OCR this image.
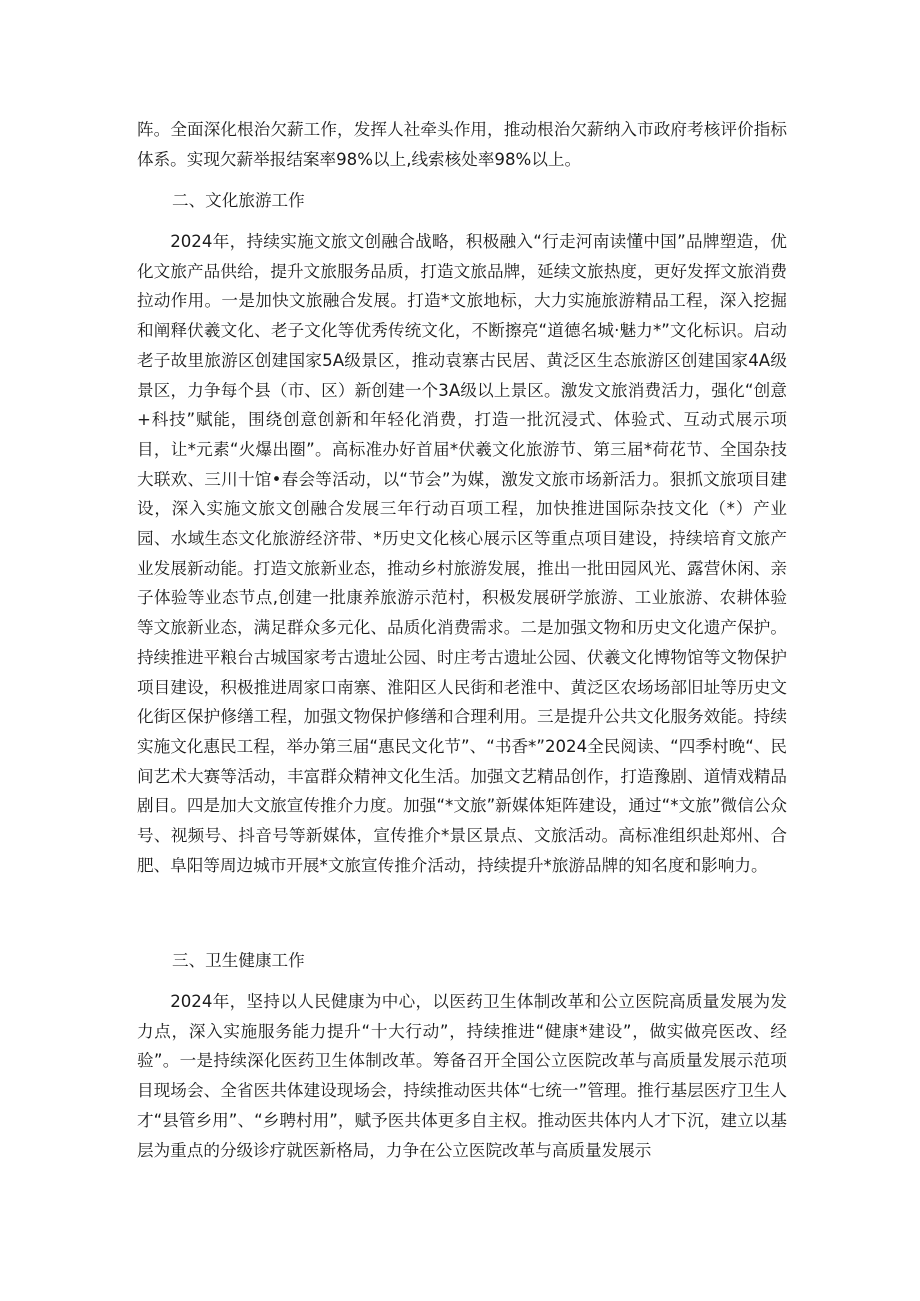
阵。全面深化根治欠薪工作，发挥人社牵头作用，推动根治欠薪纳入市政府考核评价指标体系。实现欠薪举报结案率98%以上,线索核处率98%以上。

二、文化旅游工作

2024年，持续实施文旅文创融合战略，积极融入“行走河南读懂中国”品牌塑造，优化文旅产品供给，提升文旅服务品质，打造文旅品牌，延续文旅热度，更好发挥文旅消费拉动作用。一是加快文旅融合发展。打造*文旅地标，大力实施旅游精品工程，深入挖掘和阐释伏羲文化、老子文化等优秀传统文化，不断擦亮“道德名城·魅力*”文化标识。启动老子故里旅游区创建国家5A级景区，推动袁寨古民居、黄泛区生态旅游区创建国家4A级景区，力争每个县（市、区）新创建一个3A级以上景区。激发文旅消费活力，强化“创意+科技”赋能，围绕创意创新和年轻化消费，打造一批沉浸式、体验式、互动式展示项目，让*元素“火爆出圈”。高标准办好首届*伏羲文化旅游节、第三届*荷花节、全国杂技大联欢、三川十馆•春会等活动，以“节会”为媒，激发文旅市场新活力。狠抓文旅项目建设，深入实施文旅文创融合发展三年行动百项工程，加快推进国际杂技文化（*）产业园、水域生态文化旅游经济带、*历史文化核心展示区等重点项目建设，持续培育文旅产业发展新动能。打造文旅新业态，推动乡村旅游发展，推出一批田园风光、露营休闲、亲子体验等业态节点,创建一批康养旅游示范村，积极发展研学旅游、工业旅游、农耕体验等文旅新业态，满足群众多元化、品质化消费需求。二是加强文物和历史文化遗产保护。持续推进平粮台古城国家考古遗址公园、时庄考古遗址公园、伏羲文化博物馆等文物保护项目建设，积极推进周家口南寨、淮阳区人民街和老淮中、黄泛区农场场部旧址等历史文化街区保护修缮工程，加强文物保护修缮和合理利用。三是提升公共文化服务效能。持续实施文化惠民工程，举办第三届“惠民文化节”、“书香*”2024全民阅读、“四季村晚“、民间艺术大赛等活动，丰富群众精神文化生活。加强文艺精品创作，打造豫剧、道情戏精品剧目。四是加大文旅宣传推介力度。加强“*文旅”新媒体矩阵建设，通过“*文旅”微信公众号、视频号、抖音号等新媒体，宣传推介*景区景点、文旅活动。高标准组织赴郑州、合肥、阜阳等周边城市开展*文旅宣传推介活动，持续提升*旅游品牌的知名度和影响力。

三、卫生健康工作

2024年，坚持以人民健康为中心，以医药卫生体制改革和公立医院高质量发展为发力点，深入实施服务能力提升“十大行动”，持续推进“健康*建设”，做实做亮医改、经验”。一是持续深化医药卫生体制改革。筹备召开全国公立医院改革与高质量发展示范项目现场会、全省医共体建设现场会，持续推动医共体“七统一”管理。推行基层医疗卫生人才“县管乡用”、“乡聘村用”，赋予医共体更多自主权。推动医共体内人才下沉，建立以基层为重点的分级诊疗就医新格局，力争在公立医院改革与高质量发展示
